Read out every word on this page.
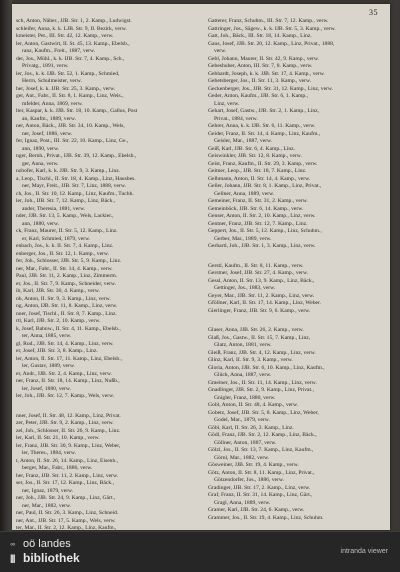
35
sch, Anton, Näher., JJB. Str. 1, 2. Kamp., Ludwigst.
schleifer, Anna, k. k. LJB. Str. 9, II. Bezirk, verw.
kmeister, Pet., III. Str. 42, 12. Kamp., verw.
ler, Anton, Gastwirt, II. St. 45, 13. Kamp., Ebelsb.,
ranz, Kaufm., Freit., 1887, verw.
der, Jos., Mühl., k. k. IJB. Str. 7, 4. Kamp., Sch.,
Privatg., 1891, verw.
ler, Jos., k. k. IJB. Str. 52, 1. Kamp., Schmied,
Herrn, Schulmeister, verw.
her, Josef, k. k. JJB. Str. 25, 3. Kamp., verw.
ger, Ant., Fabr., II. Str. 8, 1. Kamp., Linz, Wels.,
mfelder, Anna, 1869, verw.
lter, Kaspar, k. k. JJB. Str. 18, 10. Kamp., Gallus, Post
an, Kaufm., 1889, verw.
ner, Anton, Bäck., JJB. Str. 34, 10. Kamp., Wels,
ner, Josef, 1886, verw.
fer, Ignaz, Post., III. Str. 22, 10. Kamp., Linz, Ge.,
ann, 1890, verw.
nger, Bernh., Privat., IJB. Str. 39, 12. Kamp., Ebelsb.,
ger, Anna, verw.
nzhofer, Karl, k. k. JJB. Str. 9, 3. Kamp., Linz.
a, Leop., Tischl., II. Str. 18, 4. Kamp., Linz, Hausbes.
ner, Mayr, Freit., JJB. Str. 7, Linz, 1888, verw.
ch, Jos., II. Str. 10, 12. Kamp., Linz, Kaufm., Tuchh.
ler, Joh., IJB. Str. 7, 12. Kamp., Linz, Bäck.,
ander, Theresia, 1881, verw.
nder, JJB. Str. 13, 5. Kamp., Wels, Lackier.,
ann, 1880, verw.
ck, Franz, Maurer, II. Str. 5, 12. Kamp., Linz.
er, Karl, Schmied, 1879, verw.
enbach, Jos., k. k. II. Str. 7, 4. Kamp., Linz.
enberger, Jos., II. Str. 12, 1. Kamp., verw.
fer, Joh., Schlosser, JJB. Str. 5, 9. Kamp., Linz.
ner, Mar., Fabr., II. Str. 14, 4. Kamp., verw.
Paul, JJB. Str. 11, 2. Kamp., Linz, Zimmerm.
er, Jos., II. Str. 7, 9. Kamp., Schneider, verw.
ib, Karl, JJB. Str. 30, 4. Kamp., verw.
nh, Anton, II. Str. 9, 3. Kamp., Linz, verw.
ng, Anton, IJB. Str. 11, 8. Kamp., Linz, verw.
nner, Josef, Tischl., II. Str. 8, 7. Kamp., Linz.
rtl, Karl, JJB. Str. 2, 10. Kamp., verw.
k, Josef, Bahnw., II. Str. 4, 11. Kamp., Ebelsb.,
ter, Anna, 1885, verw.
gl, Rud., JJB. Str. 14, 4. Kamp., Linz, verw.
er, Josef, JJB. Str. 3, 8. Kamp., Linz.
ler, Anton, II. Str. 17, 11. Kamp., Linz, Ebelsb.,
ler, Gustav, 1889, verw.
er, Andr., IJB. Str. 2, 4. Kamp., Linz, verw.
ner, Franz, II. Str. 18, 14. Kamp., Linz, Nußb.,
ler, Josef, 1880, verw.
ler, Joh., JJB. Str. 12, 7. Kamp., Wels, verw.
nner, Josef, II. Str. 48, 12. Kamp., Linz, Privat.
zer, Peter, JJB. Str. 9, 2. Kamp., Linz, verw.
zel, Joh., Schlosser, II. Str. 26, 9. Kamp., Linz.
ler, Karl, II. Str. 21, 10. Kamp., verw.
ler, Franz, JJB. Str. 30, 9. Kamp., Linz, Weber,
ler, Theres., 1884, verw.
t, Anton, II. Str. 26, 14. Kamp., Linz, Eisenb.,
berger, Mar., Fabr., 1886, verw.
her, Franz, JJB. Str. 11, 2. Kamp., Linz, verw.
ser, Jos., II. Str. 17, 12. Kamp., Linz, Bäck.,
ner, Ignaz, 1879, verw.
ner, Joh., JJB. Str. 24, 9. Kamp., Linz, Gärt.,
ner, Mar., 1882, verw.
ner, Paul, II. Str. 26, 3. Kamp., Linz, Schneid.
ner, Ant., JJB. Str. 17, 5. Kamp., Wels, verw.
ter, Mar., II. Str. 2, 12. Kamp., Linz, Kaufm.,
Gatterer, Franz, Schuhm., III. Str. 7, 12. Kamp., verw.
Gattringer, Jos., Sägew., k. k. IJB. Str. 5, 3. Kamp., verw.
Gatt, Joh., Bäck., III. Str. 18, 14. Kamp., Linz.
Gaus, Josef, JJB. Str. 20, 12. Kamp., Linz, Privat., 1888,
verw.
Gebl, Johann, Maurer, II. Str. 42, 9. Kamp., verw.
Gebeshuber, Anton, III. Str. 7, 8. Kamp., verw.
Gebhardt, Joseph, k. k. JJB. Str. 17, 4. Kamp., verw.
Gebetsberger, Jos., II. Str. 11, 3. Kamp., verw.
Geckenberger, Jos., JJB. Str. 31, 12. Kamp., Linz, verw.
Geder, Anton, Kaufm., JJB. Str. 6, 1. Kamp.,
Linz, verw.
Gehart, Josef, Gastw., JJB. Str. 2, 1. Kamp., Linz,
Privat., 1884, verw.
Gehrer, Anna, k. k. IJB. Str. 6, 11. Kamp., verw.
Geider, Franz, II. Str. 14, 4. Kamp., Linz, Kaufm.,
Geisler, Mar., 1887, verw.
Geiß, Karl, JJB. Str. 6, 4. Kamp., Linz.
Geiswinkler, JJB. Str. 12, 8. Kamp., verw.
Geist, Franz, Kaufm., II. Str. 29, 3. Kamp., verw.
Geitner, Leop., JJB. Str. 18, 7. Kamp., Linz.
Gelbmann, Anton, II. Str. 14, 4. Kamp., verw.
Geller, Johann, JJB. Str. 8, 1. Kamp., Linz, Privat.,
Gellner, Anna, 1889, verw.
Gemeiner, Franz, II. Str. 31, 2. Kamp., verw.
Gemeinböck, JJB. Str. 6, 14. Kamp., verw.
Genser, Anton, II. Str. 2, 10. Kamp., Linz, verw.
Gentner, Franz, JJB. Str. 12, 7. Kamp., Linz.
Geppert, Jos., II. Str. 5, 12. Kamp., Linz, Schuhm.,
Gerber, Mar., 1889, verw.
Gerhartl, Joh., JJB. Str. 1, 3. Kamp., Linz, verw.
Gerstl, Kaufm., II. Str. 8, 11. Kamp., verw.
Gerstner, Josef, JJB. Str. 27, 4. Kamp., verw.
Gessl, Anton, II. Str. 13, 9. Kamp., Linz, Bäck.,
Gettinger, Jos., 1883, verw.
Geyer, Mar., JJB. Str. 11, 2. Kamp., Linz, verw.
Gföllner, Karl, II. Str. 17, 14. Kamp., Linz, Weber.
Gierlinger, Franz, JJB. Str. 9, 6. Kamp., verw.
Glaser, Anna, JJB. Str. 26, 2. Kamp., verw.
Glaß, Jos., Gastw., II. Str. 15, 7. Kamp., Linz,
Glatz, Anton, 1881, verw.
Gleiß, Franz, JJB. Str. 4, 12. Kamp., Linz, verw.
Glinz, Karl, II. Str. 9, 3. Kamp., verw.
Gloria, Anton, JJB. Str. 6, 10. Kamp., Linz, Kaufm.,
Glück, Anna, 1887, verw.
Gmeiner, Jos., II. Str. 11, 14. Kamp., Linz, verw.
Gnadlinger, JJB. Str. 2, 9. Kamp., Linz, Privat.,
Gnigler, Franz, 1880, verw.
Gobl, Anton, II. Str. 48, 4. Kamp., verw.
Gobetz, Josef, JJB. Str. 5, 8. Kamp., Linz, Weber,
Godel, Mar., 1879, verw.
Göbl, Karl, II. Str. 26, 3. Kamp., Linz.
Gödl, Franz, JJB. Str. 2, 12. Kamp., Linz, Bäck.,
Göllner, Anton, 1887, verw.
Gölzl, Jos., II. Str. 13, 7. Kamp., Linz, Kaufm.,
Görnl, Mar., 1882, verw.
Gösweiner, JJB. Str. 19, 4. Kamp., verw.
Götz, Anton, II. Str. 8, 11. Kamp., Linz, Privat.,
Götzendorfer, Jos., 1886, verw.
Gradinger, JJB. Str. 17, 2. Kamp., Linz, verw.
Graf, Franz, II. Str. 31, 14. Kamp., Linz, Gärt.,
Gragl, Anna, 1889, verw.
Gramer, Karl, JJB. Str. 24, 6. Kamp., verw.
Grammer, Jos., II. Str. 19, 4. Kamp., Linz, Schuhm.
◦◦ oö landes
||| bibliothek	intranda viewer
